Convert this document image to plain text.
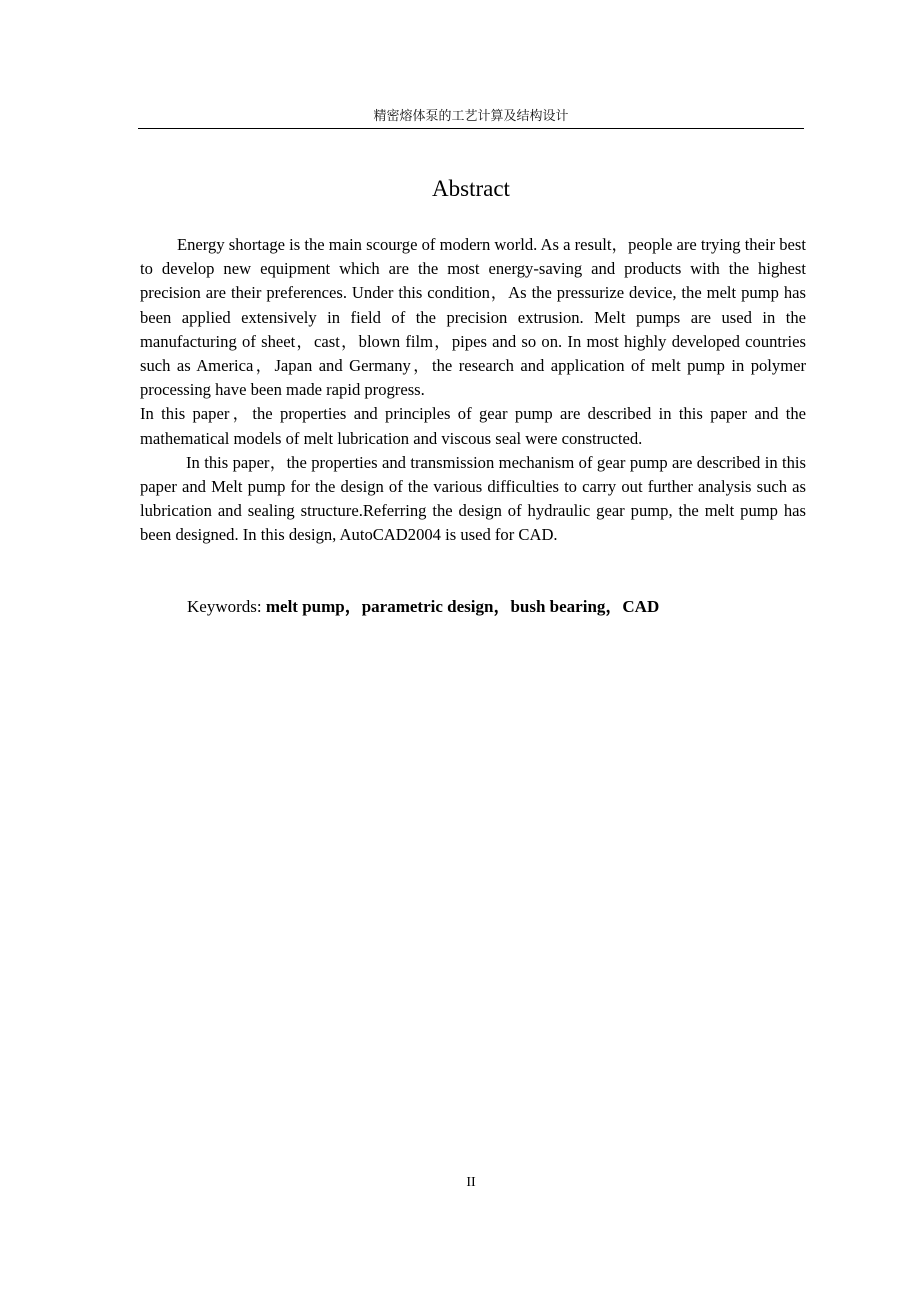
精密熔体泵的工艺计算及结构设计
Abstract

Energy shortage is the main scourge of modern world. As a result，people are trying their best to develop new equipment which are the most energy-saving and products with the highest precision are their preferences. Under this condition，As the pressurize device, the melt pump has been applied extensively in field of the precision extrusion. Melt pumps are used in the manufacturing of sheet，cast，blown film，pipes and so on. In most highly developed countries such as America，Japan and Germany，the research and application of melt pump in polymer processing have been made rapid progress.

In this paper，the properties and principles of gear pump are described in this paper and the mathematical models of melt lubrication and viscous seal were constructed.

In this paper，the properties and transmission mechanism of gear pump are described in this paper and Melt pump for the design of the various difficulties to carry out further analysis such as lubrication and sealing structure.Referring the design of hydraulic gear pump, the melt pump has been designed. In this design, AutoCAD2004 is used for CAD.

Keywords: melt pump，parametric design，bush bearing，CAD
II
